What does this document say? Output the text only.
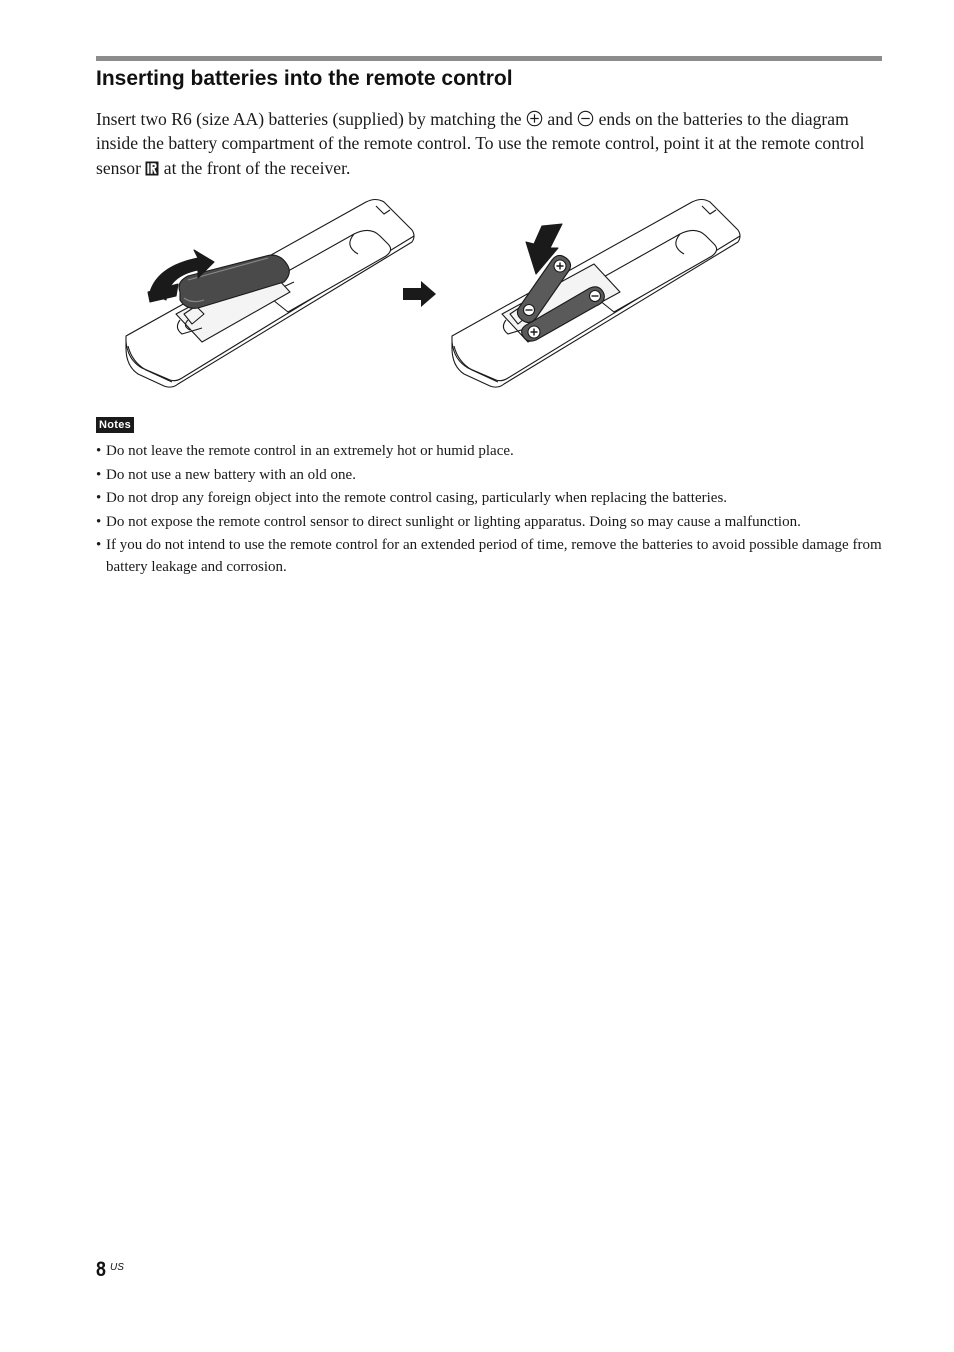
Inserting batteries into the remote control

Insert two R6 (size AA) batteries (supplied) by matching the and ends on the batteries to the diagram inside the battery compartment of the remote control. To use the remote control, point it at the remote control sensor at the front of the receiver.

Notes
• Do not leave the remote control in an extremely hot or humid place.
• Do not use a new battery with an old one.
• Do not drop any foreign object into the remote control casing, particularly when replacing the batteries.
• Do not expose the remote control sensor to direct sunlight or lighting apparatus. Doing so may cause a malfunction.
• If you do not intend to use the remote control for an extended period of time, remove the batteries to avoid possible damage from battery leakage and corrosion.
8 US
